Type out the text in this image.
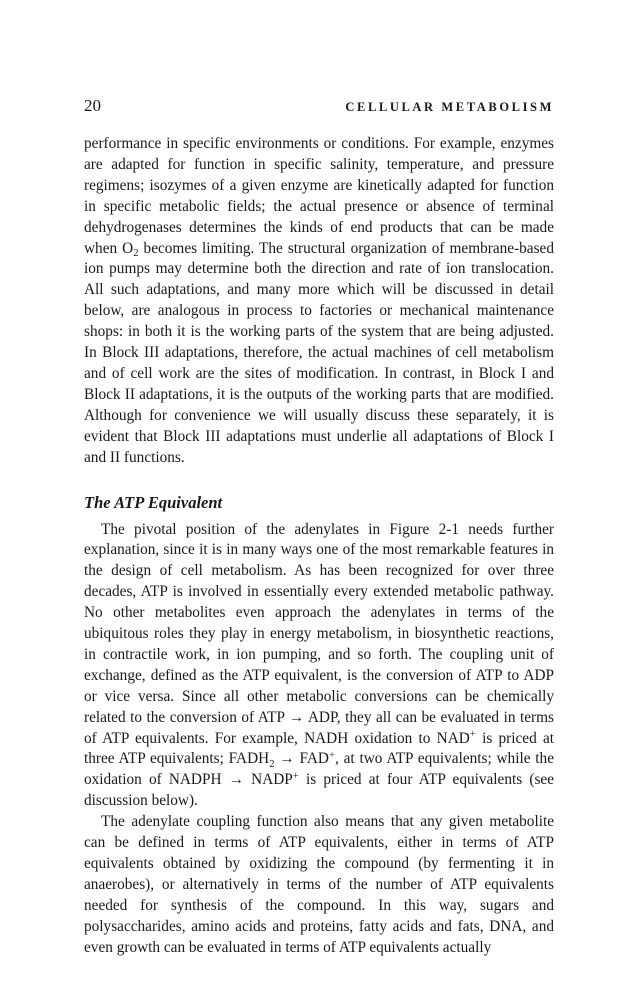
20	CELLULAR METABOLISM

performance in specific environments or conditions. For example, enzymes are adapted for function in specific salinity, temperature, and pressure regimens; isozymes of a given enzyme are kinetically adapted for function in specific metabolic fields; the actual presence or absence of terminal dehydrogenases determines the kinds of end products that can be made when $O_2$ becomes limiting. The structural organization of membrane-based ion pumps may determine both the direction and rate of ion translocation. All such adaptations, and many more which will be discussed in detail below, are analogous in process to factories or mechanical maintenance shops: in both it is the working parts of the system that are being adjusted. In Block III adaptations, therefore, the actual machines of cell metabolism and of cell work are the sites of modification. In contrast, in Block I and Block II adaptations, it is the outputs of the working parts that are modified. Although for convenience we will usually discuss these separately, it is evident that Block III adaptations must underlie all adaptations of Block I and II functions.

The ATP Equivalent

The pivotal position of the adenylates in Figure 2-1 needs further explanation, since it is in many ways one of the most remarkable features in the design of cell metabolism. As has been recognized for over three decades, ATP is involved in essentially every extended metabolic pathway. No other metabolites even approach the adenylates in terms of the ubiquitous roles they play in energy metabolism, in biosynthetic reactions, in contractile work, in ion pumping, and so forth. The coupling unit of exchange, defined as the ATP equivalent, is the conversion of ATP to ADP or vice versa. Since all other metabolic conversions can be chemically related to the conversion of ATP → ADP, they all can be evaluated in terms of ATP equivalents. For example, NADH oxidation to NAD+ is priced at three ATP equivalents; $FADH_2 \to FAD^+$, at two ATP equivalents; while the oxidation of NADPH → NADP+ is priced at four ATP equivalents (see discussion below).

The adenylate coupling function also means that any given metabolite can be defined in terms of ATP equivalents, either in terms of ATP equivalents obtained by oxidizing the compound (by fermenting it in anaerobes), or alternatively in terms of the number of ATP equivalents needed for synthesis of the compound. In this way, sugars and polysaccharides, amino acids and proteins, fatty acids and fats, DNA, and even growth can be evaluated in terms of ATP equivalents actually
